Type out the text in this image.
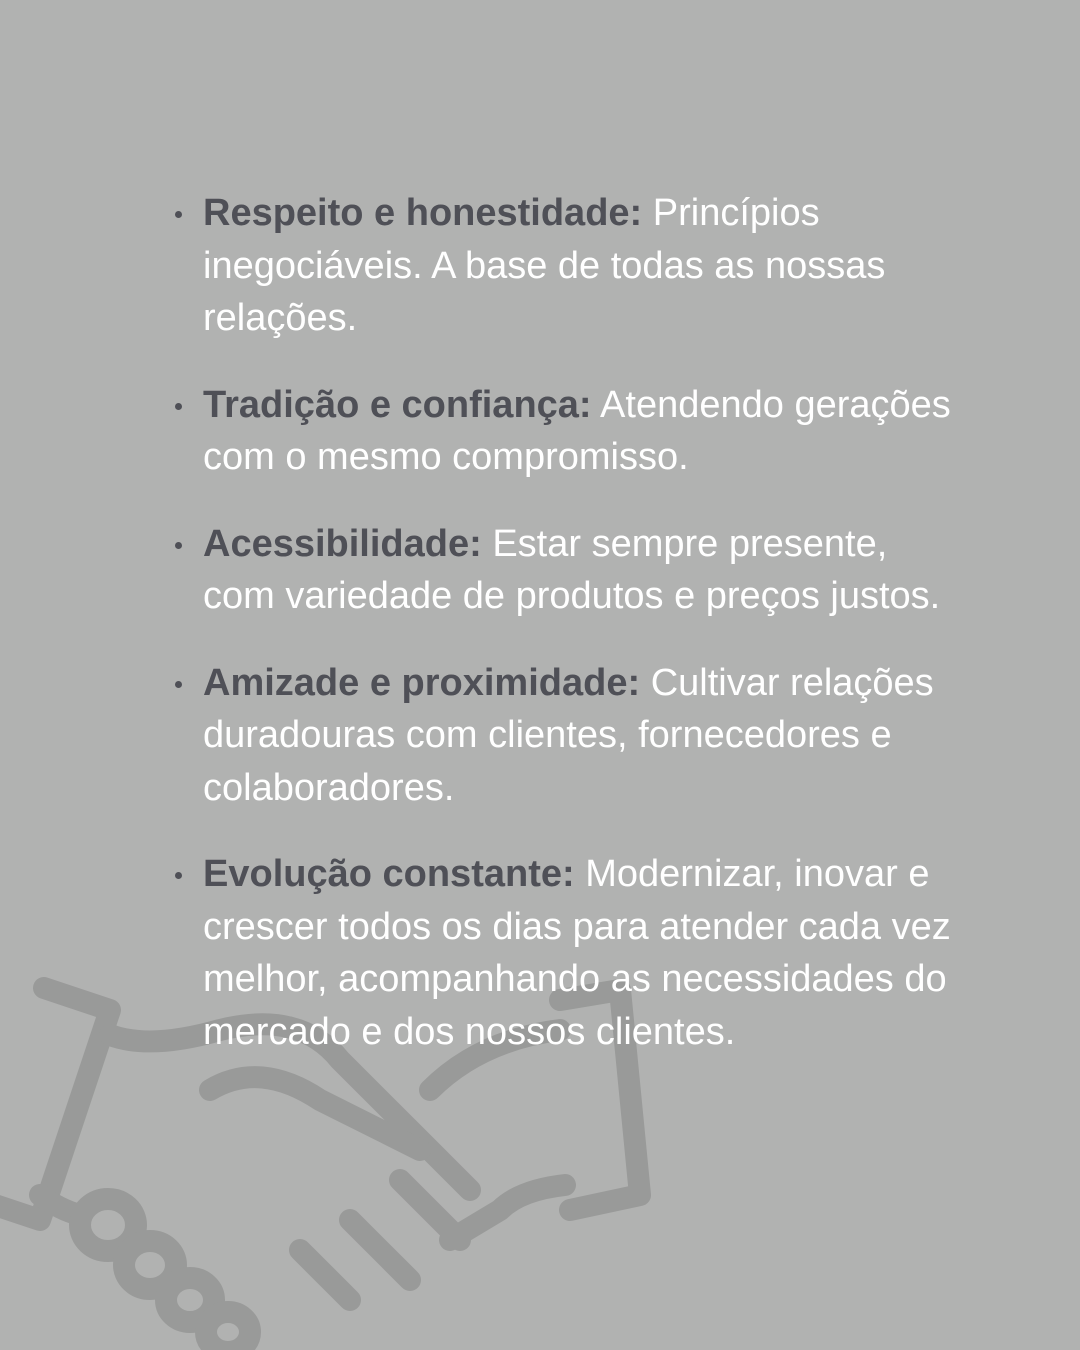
Respeito e honestidade: Princípios inegociáveis. A base de todas as nossas relações.
Tradição e confiança: Atendendo gerações com o mesmo compromisso.
Acessibilidade: Estar sempre presente, com variedade de produtos e preços justos.
Amizade e proximidade: Cultivar relações duradouras com clientes, fornecedores e colaboradores.
Evolução constante: Modernizar, inovar e crescer todos os dias para atender cada vez melhor, acompanhando as necessidades do mercado e dos nossos clientes.
